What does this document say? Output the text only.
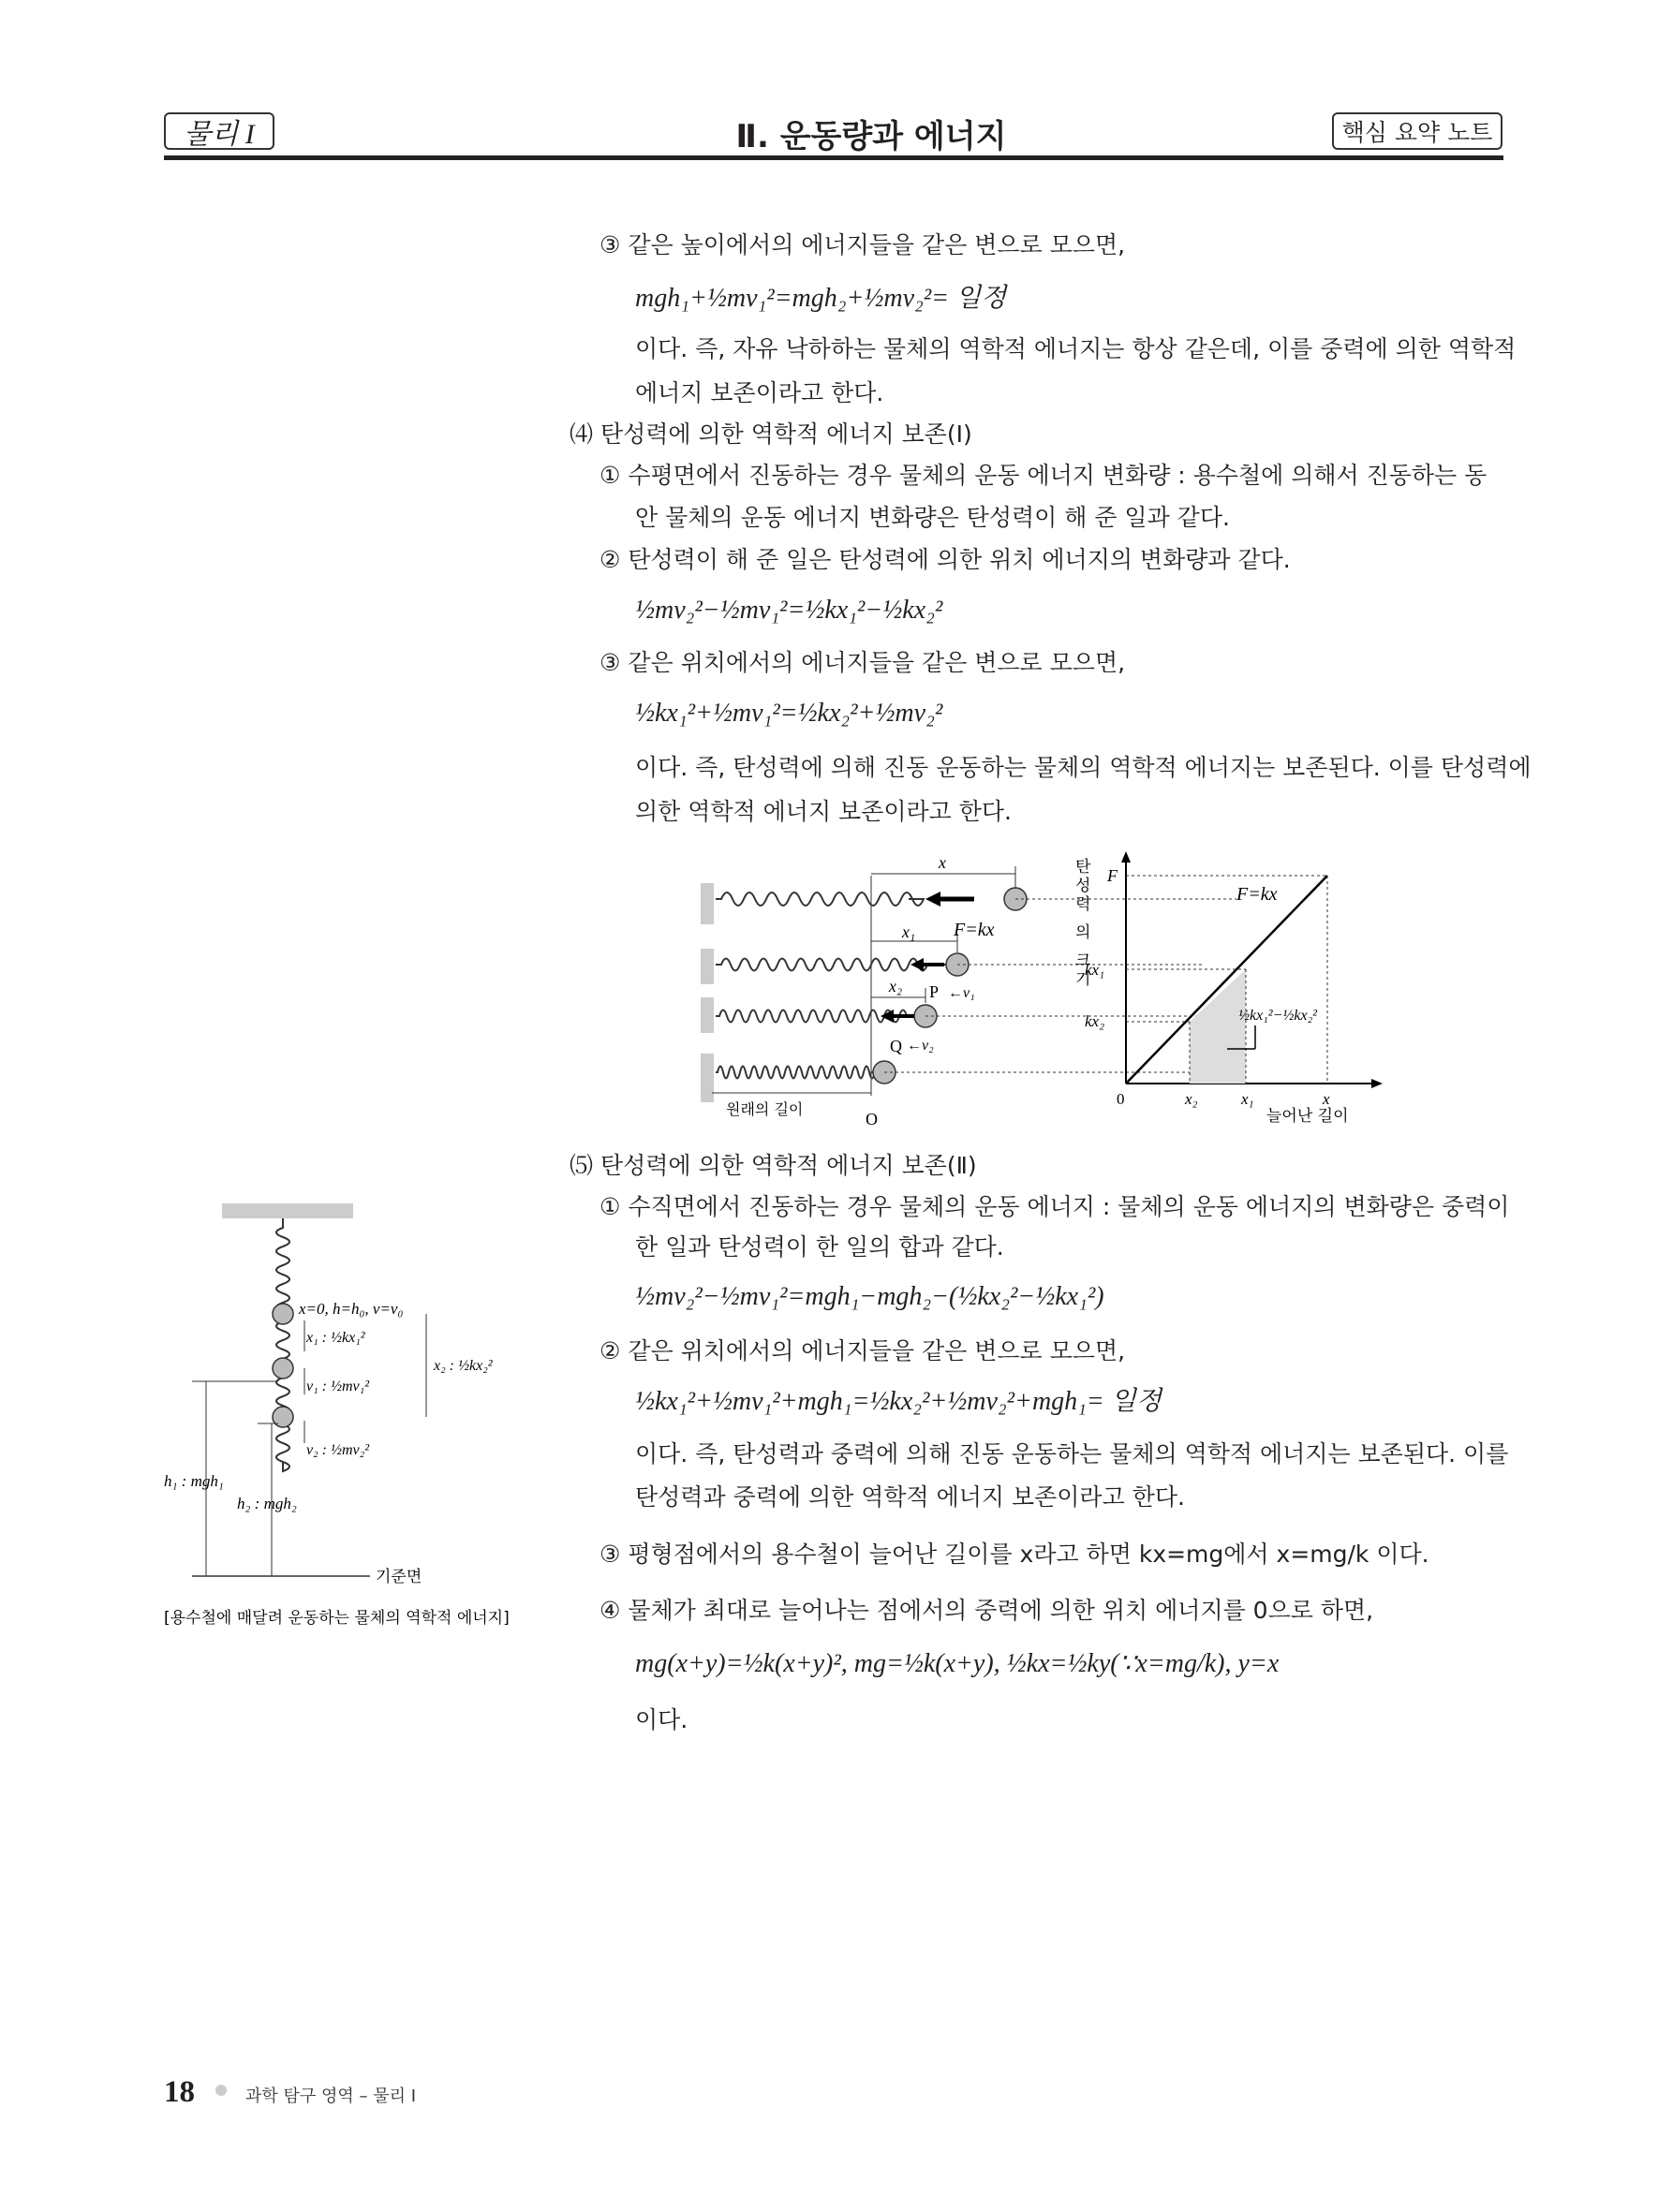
물리 I	Ⅱ. 운동량과 에너지	핵심 요약 노트
③ 같은 높이에서의 에너지들을 같은 변으로 모으면,
mgh₁+½mv₁²=mgh₂+½mv₂²= 일정
이다. 즉, 자유 낙하하는 물체의 역학적 에너지는 항상 같은데, 이를 중력에 의한 역학적
에너지 보존이라고 한다.
⑷ 탄성력에 의한 역학적 에너지 보존(Ⅰ)
① 수평면에서 진동하는 경우 물체의 운동 에너지 변화량 : 용수철에 의해서 진동하는 동
안 물체의 운동 에너지 변화량은 탄성력이 해 준 일과 같다.
② 탄성력이 해 준 일은 탄성력에 의한 위치 에너지의 변화량과 같다.
½mv₂²−½mv₁²=½kx₁²−½kx₂²
③ 같은 위치에서의 에너지들을 같은 변으로 모으면,
½kx₁²+½mv₁²=½kx₂²+½mv₂²
이다. 즉, 탄성력에 의해 진동 운동하는 물체의 역학적 에너지는 보존된다. 이를 탄성력에
의한 역학적 에너지 보존이라고 한다.
x
F=kx
x₁
x₂ P ←v₁
Q ←v₂
원래의 길이
O
탄
성
력
의
크
기
F
F=kx
kx₁
kx₂
0	x₂	x₁	x
늘어난 길이
½kx₁²−½kx₂²
⑸ 탄성력에 의한 역학적 에너지 보존(Ⅱ)
① 수직면에서 진동하는 경우 물체의 운동 에너지 : 물체의 운동 에너지의 변화량은 중력이
한 일과 탄성력이 한 일의 합과 같다.
½mv₂²−½mv₁²=mgh₁−mgh₂−(½kx₂²−½kx₁²)
② 같은 위치에서의 에너지들을 같은 변으로 모으면,
½kx₁²+½mv₁²+mgh₁=½kx₂²+½mv₂²+mgh₁= 일정
이다. 즉, 탄성력과 중력에 의해 진동 운동하는 물체의 역학적 에너지는 보존된다. 이를
탄성력과 중력에 의한 역학적 에너지 보존이라고 한다.
③ 평형점에서의 용수철이 늘어난 길이를 x라고 하면 kx=mg에서 x=mg/k 이다.
④ 물체가 최대로 늘어나는 점에서의 중력에 의한 위치 에너지를 0으로 하면,
mg(x+y)=½k(x+y)², mg=½k(x+y), ½kx=½ky(∵x=mg/k), y=x
이다.
x=0, h=h₀, v=v₀
x₁ : ½kx₁²
v₁ : ½mv₁²
x₂ : ½kx₂²
v₂ : ½mv₂²
h₁ : mgh₁
h₂ : mgh₂
기준면
[용수철에 매달려 운동하는 물체의 역학적 에너지]
18	과학 탐구 영역 – 물리 Ⅰ
